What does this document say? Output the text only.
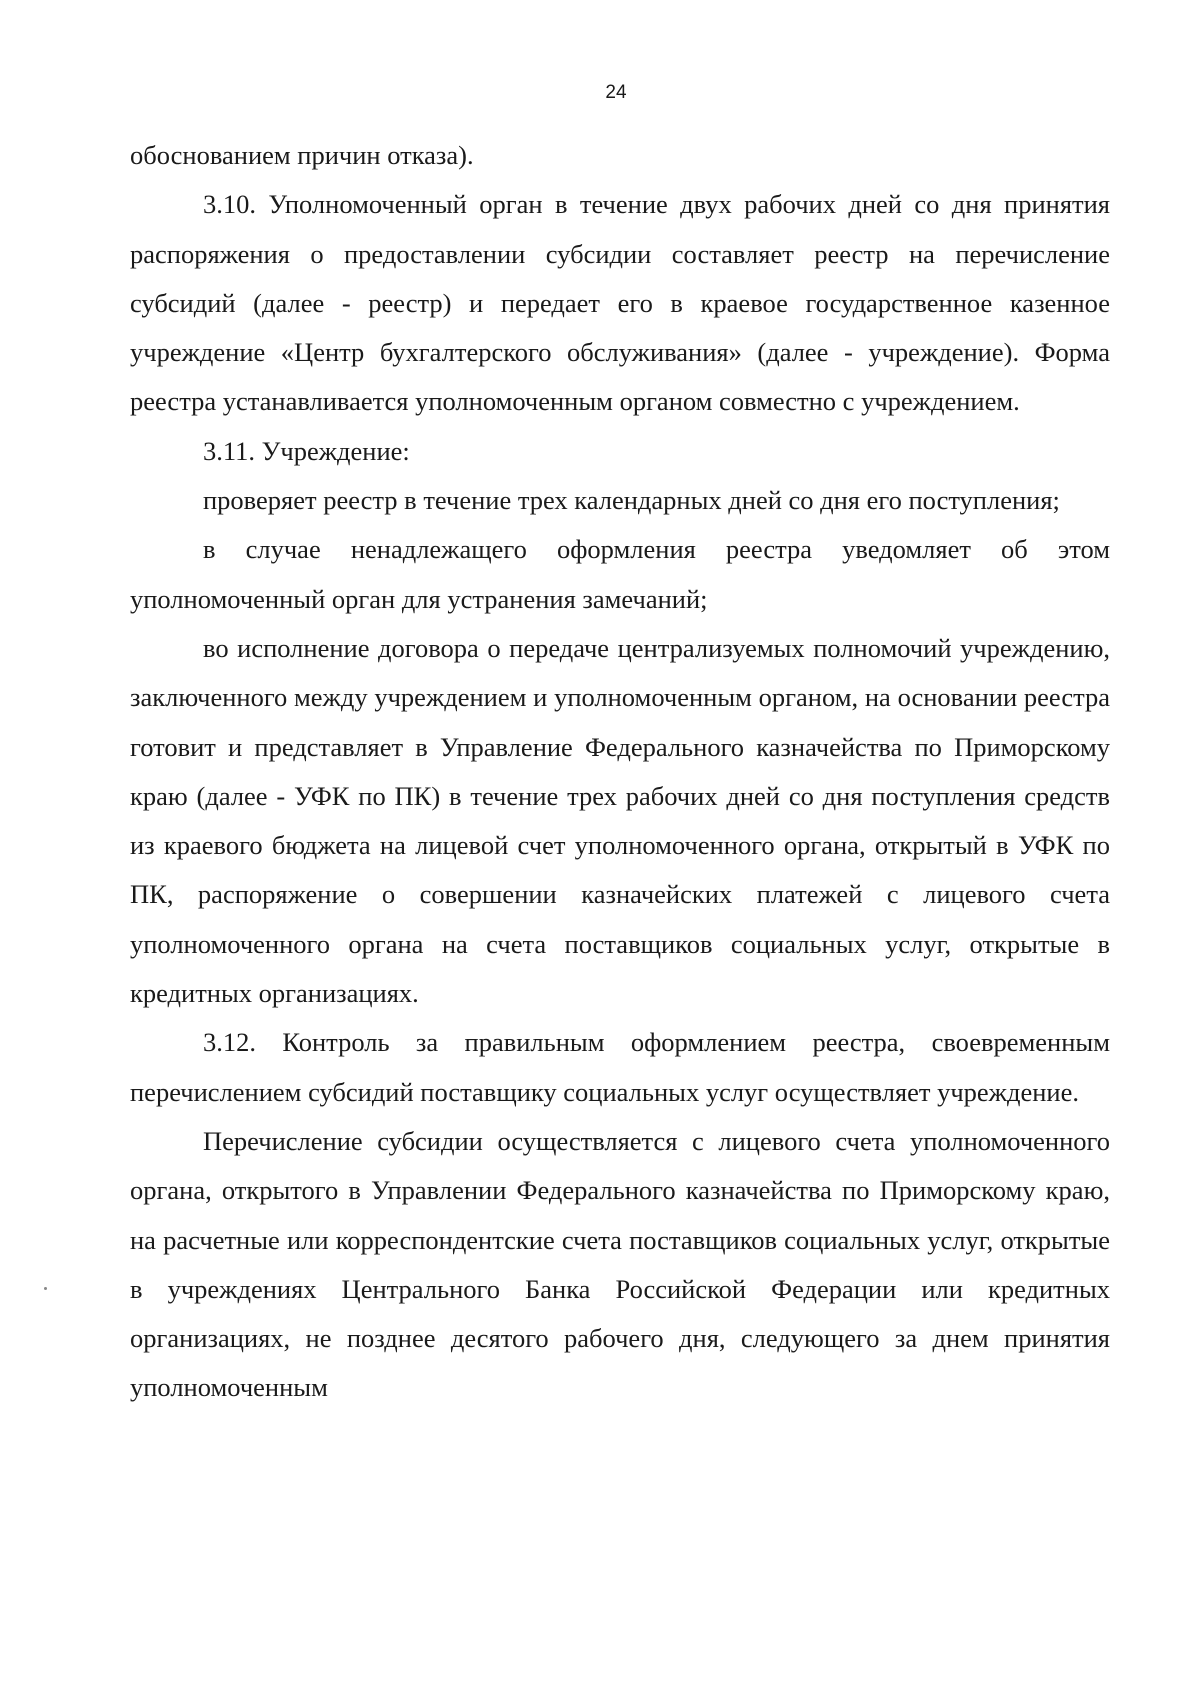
24

обоснованием причин отказа).

3.10. Уполномоченный орган в течение двух рабочих дней со дня принятия распоряжения о предоставлении субсидии составляет реестр на перечисление субсидий (далее - реестр) и передает его в краевое государственное казенное учреждение «Центр бухгалтерского обслуживания» (далее - учреждение). Форма реестра устанавливается уполномоченным органом совместно с учреждением.

3.11. Учреждение:

проверяет реестр в течение трех календарных дней со дня его поступления;

в случае ненадлежащего оформления реестра уведомляет об этом уполномоченный орган для устранения замечаний;

во исполнение договора о передаче централизуемых полномочий учреждению, заключенного между учреждением и уполномоченным органом, на основании реестра готовит и представляет в Управление Федерального казначейства по Приморскому краю (далее - УФК по ПК) в течение трех рабочих дней со дня поступления средств из краевого бюджета на лицевой счет уполномоченного органа, открытый в УФК по ПК, распоряжение о совершении казначейских платежей с лицевого счета уполномоченного органа на счета поставщиков социальных услуг, открытые в кредитных организациях.

3.12. Контроль за правильным оформлением реестра, своевременным перечислением субсидий поставщику социальных услуг осуществляет учреждение.

Перечисление субсидии осуществляется с лицевого счета уполномоченного органа, открытого в Управлении Федерального казначейства по Приморскому краю, на расчетные или корреспондентские счета поставщиков социальных услуг, открытые в учреждениях Центрального Банка Российской Федерации или кредитных организациях, не позднее десятого рабочего дня, следующего за днем принятия уполномоченным
